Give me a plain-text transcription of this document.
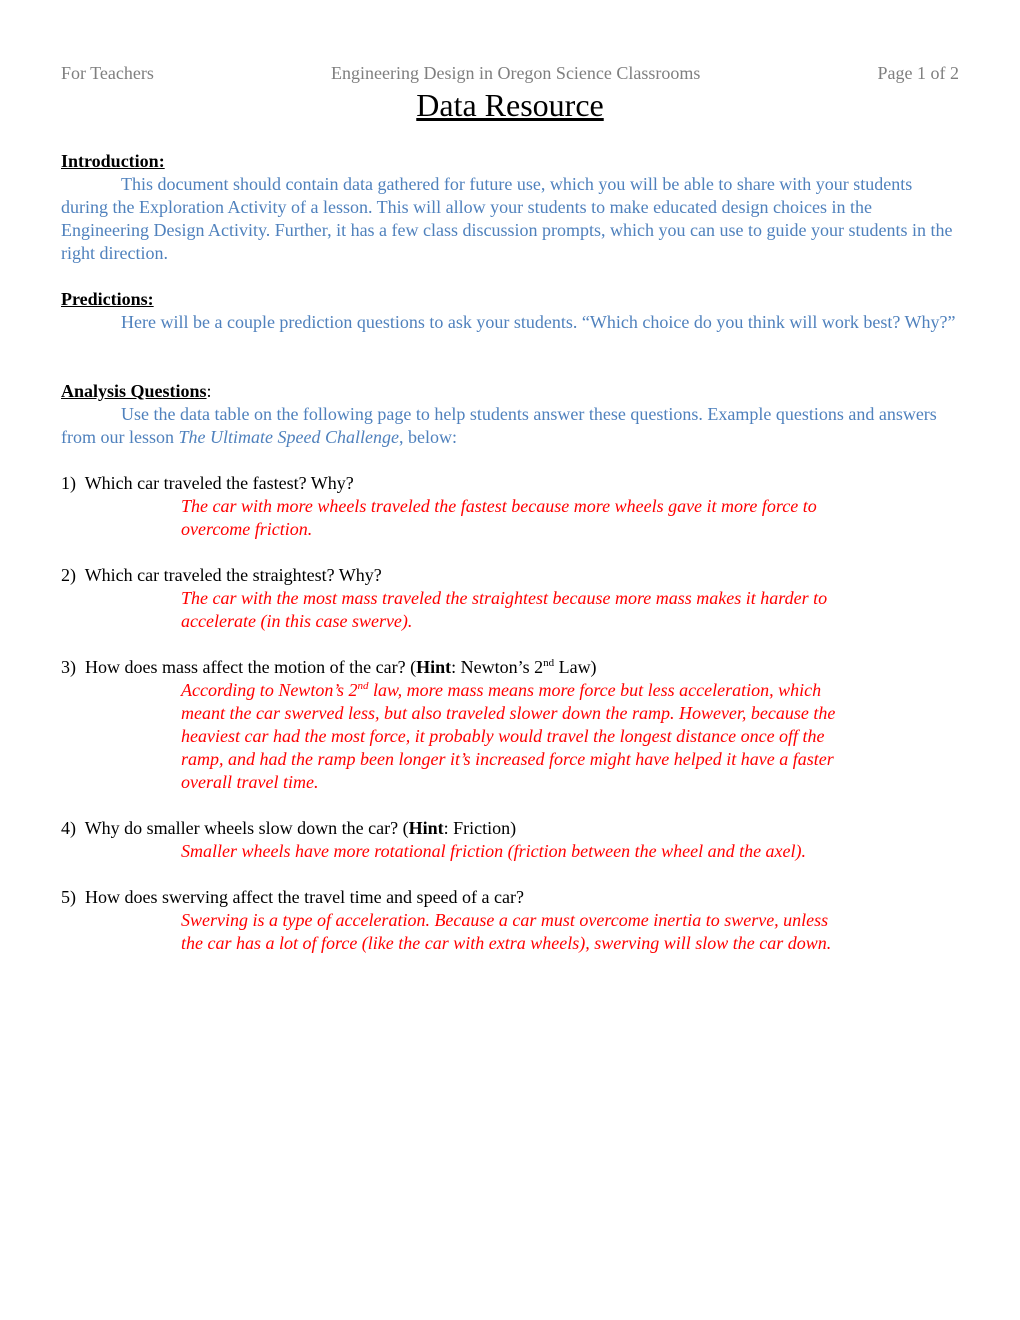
For Teachers	Engineering Design in Oregon Science Classrooms	Page 1 of 2
Data Resource
Introduction:
This document should contain data gathered for future use, which you will be able to share with your students during the Exploration Activity of a lesson. This will allow your students to make educated design choices in the Engineering Design Activity. Further, it has a few class discussion prompts, which you can use to guide your students in the right direction.
Predictions:
Here will be a couple prediction questions to ask your students. “Which choice do you think will work best? Why?”
Analysis Questions:
Use the data table on the following page to help students answer these questions. Example questions and answers from our lesson The Ultimate Speed Challenge, below:
1) Which car traveled the fastest? Why?
The car with more wheels traveled the fastest because more wheels gave it more force to overcome friction.
2) Which car traveled the straightest? Why?
The car with the most mass traveled the straightest because more mass makes it harder to accelerate (in this case swerve).
3) How does mass affect the motion of the car? (Hint: Newton’s 2nd Law)
According to Newton’s 2nd law, more mass means more force but less acceleration, which meant the car swerved less, but also traveled slower down the ramp. However, because the heaviest car had the most force, it probably would travel the longest distance once off the ramp, and had the ramp been longer it’s increased force might have helped it have a faster overall travel time.
4) Why do smaller wheels slow down the car? (Hint: Friction)
Smaller wheels have more rotational friction (friction between the wheel and the axel).
5) How does swerving affect the travel time and speed of a car?
Swerving is a type of acceleration. Because a car must overcome inertia to swerve, unless the car has a lot of force (like the car with extra wheels), swerving will slow the car down.
